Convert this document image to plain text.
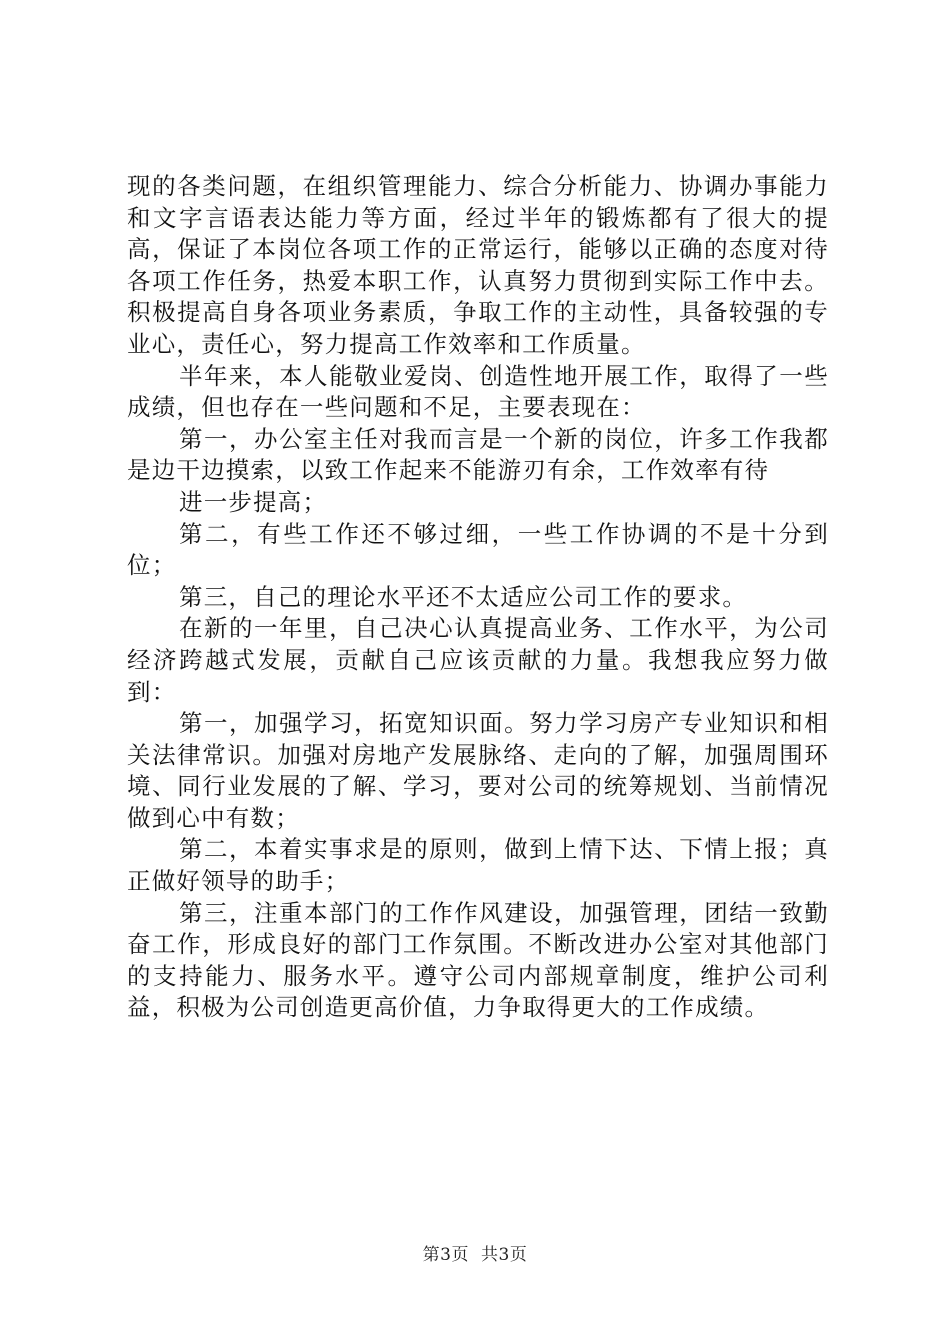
现的各类问题，在组织管理能力、综合分析能力、协调办事能力和文字言语表达能力等方面，经过半年的锻炼都有了很大的提高，保证了本岗位各项工作的正常运行，能够以正确的态度对待各项工作任务，热爱本职工作，认真努力贯彻到实际工作中去。积极提高自身各项业务素质，争取工作的主动性，具备较强的专业心，责任心，努力提高工作效率和工作质量。

半年来，本人能敬业爱岗、创造性地开展工作，取得了一些成绩，但也存在一些问题和不足，主要表现在：

第一，办公室主任对我而言是一个新的岗位，许多工作我都是边干边摸索，以致工作起来不能游刃有余，工作效率有待

进一步提高；

第二，有些工作还不够过细，一些工作协调的不是十分到位；

第三，自己的理论水平还不太适应公司工作的要求。

在新的一年里，自己决心认真提高业务、工作水平，为公司经济跨越式发展，贡献自己应该贡献的力量。我想我应努力做到：

第一，加强学习，拓宽知识面。努力学习房产专业知识和相关法律常识。加强对房地产发展脉络、走向的了解，加强周围环境、同行业发展的了解、学习，要对公司的统筹规划、当前情况做到心中有数；

第二，本着实事求是的原则，做到上情下达、下情上报；真正做好领导的助手；

第三，注重本部门的工作作风建设，加强管理，团结一致勤奋工作，形成良好的部门工作氛围。不断改进办公室对其他部门的支持能力、服务水平。遵守公司内部规章制度，维护公司利益，积极为公司创造更高价值，力争取得更大的工作成绩。

第3页 共3页
